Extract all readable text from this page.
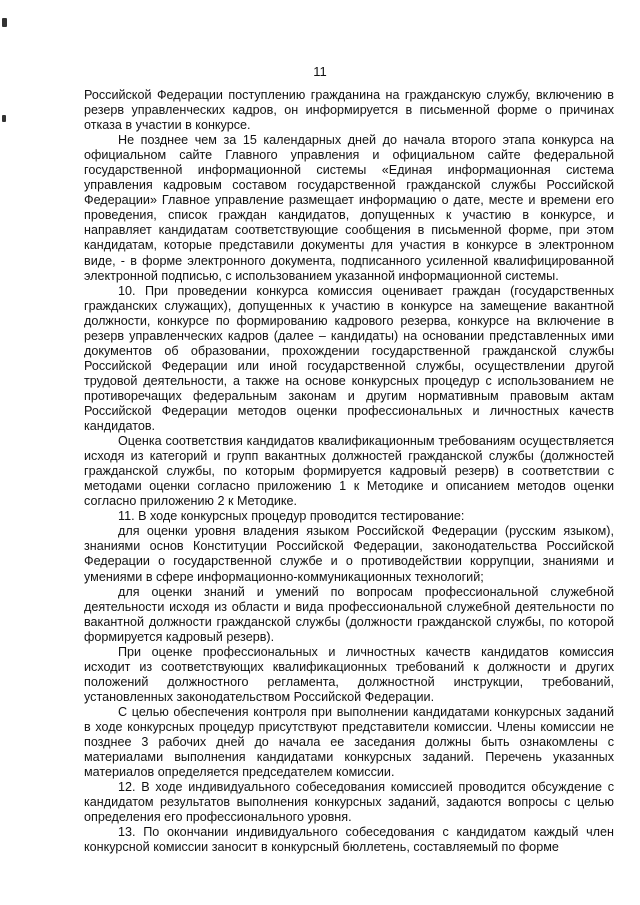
11

Российской Федерации поступлению гражданина на гражданскую службу, включению в резерв управленческих кадров, он информируется в письменной форме о причинах отказа в участии в конкурсе.

Не позднее чем за 15 календарных дней до начала второго этапа конкурса на официальном сайте Главного управления и официальном сайте федеральной государственной информационной системы «Единая информационная система управления кадровым составом государственной гражданской службы Российской Федерации» Главное управление размещает информацию о дате, месте и времени его проведения, список граждан кандидатов, допущенных к участию в конкурсе, и направляет кандидатам соответствующие сообщения в письменной форме, при этом кандидатам, которые представили документы для участия в конкурсе в электронном виде, - в форме электронного документа, подписанного усиленной квалифицированной электронной подписью, с использованием указанной информационной системы.

10. При проведении конкурса комиссия оценивает граждан (государственных гражданских служащих), допущенных к участию в конкурсе на замещение вакантной должности, конкурсе по формированию кадрового резерва, конкурсе на включение в резерв управленческих кадров (далее – кандидаты) на основании представленных ими документов об образовании, прохождении государственной гражданской службы Российской Федерации или иной государственной службы, осуществлении другой трудовой деятельности, а также на основе конкурсных процедур с использованием не противоречащих федеральным законам и другим нормативным правовым актам Российской Федерации методов оценки профессиональных и личностных качеств кандидатов.

Оценка соответствия кандидатов квалификационным требованиям осуществляется исходя из категорий и групп вакантных должностей гражданской службы (должностей гражданской службы, по которым формируется кадровый резерв) в соответствии с методами оценки согласно приложению 1 к Методике и описанием методов оценки согласно приложению 2 к Методике.

11. В ходе конкурсных процедур проводится тестирование:

для оценки уровня владения языком Российской Федерации (русским языком), знаниями основ Конституции Российской Федерации, законодательства Российской Федерации о государственной службе и о противодействии коррупции, знаниями и умениями в сфере информационно-коммуникационных технологий;

для оценки знаний и умений по вопросам профессиональной служебной деятельности исходя из области и вида профессиональной служебной деятельности по вакантной должности гражданской службы (должности гражданской службы, по которой формируется кадровый резерв).

При оценке профессиональных и личностных качеств кандидатов комиссия исходит из соответствующих квалификационных требований к должности и других положений должностного регламента, должностной инструкции, требований, установленных законодательством Российской Федерации.

С целью обеспечения контроля при выполнении кандидатами конкурсных заданий в ходе конкурсных процедур присутствуют представители комиссии. Члены комиссии не позднее 3 рабочих дней до начала ее заседания должны быть ознакомлены с материалами выполнения кандидатами конкурсных заданий. Перечень указанных материалов определяется председателем комиссии.

12. В ходе индивидуального собеседования комиссией проводится обсуждение с кандидатом результатов выполнения конкурсных заданий, задаются вопросы с целью определения его профессионального уровня.

13. По окончании индивидуального собеседования с кандидатом каждый член конкурсной комиссии заносит в конкурсный бюллетень, составляемый по форме
